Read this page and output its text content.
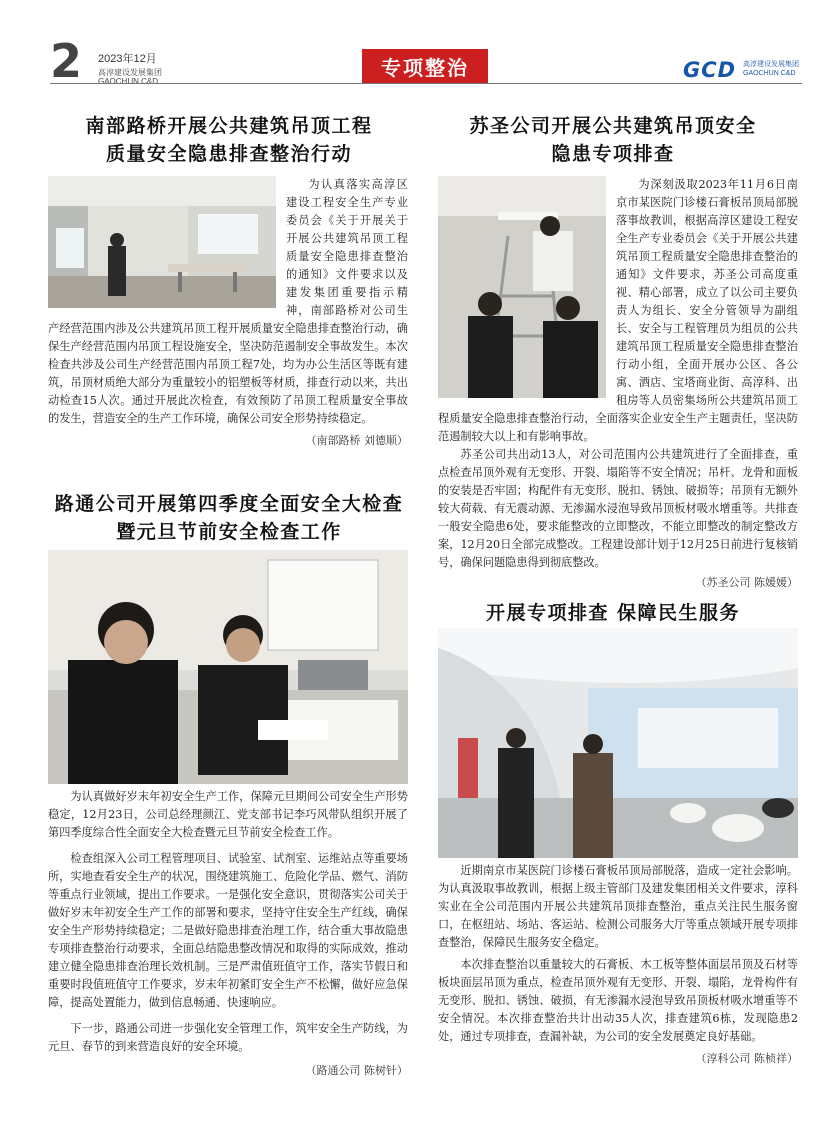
2 2023年12月
高淳建设发展集团
GAOCHUN C&D
专项整治	GCD 高淳建设发展集团
GAOCHUN C&D
南部路桥开展公共建筑吊顶工程
质量安全隐患排查整治行动

为认真落实高淳区建设工程安全生产专业委员会《关于开展关于开展公共建筑吊顶工程质量安全隐患排查整治的通知》文件要求以及建发集团重要指示精神，南部路桥对公司生产经营范围内涉及公共建筑吊顶工程开展质量安全隐患排查整治行动，确保生产经营范围内吊顶工程设施安全，坚决防范遏制安全事故发生。本次检查共涉及公司生产经营范围内吊顶工程7处，均为办公生活区等既有建筑，吊顶材质绝大部分为重量较小的铝塑板等材质，排查行动以来，共出动检查15人次。通过开展此次检查，有效预防了吊顶工程质量安全事故的发生，营造安全的生产工作环境，确保公司安全形势持续稳定。

（南部路桥 刘德顺）
路通公司开展第四季度全面安全大检查
暨元旦节前安全检查工作

为认真做好岁末年初安全生产工作，保障元旦期间公司安全生产形势稳定，12月23日，公司总经理颜江、党支部书记李巧风带队组织开展了第四季度综合性全面安全大检查暨元旦节前安全检查工作。

检查组深入公司工程管理项目、试验室、试剂室、运维站点等重要场所，实地查看安全生产的状况，围绕建筑施工、危险化学品、燃气、消防等重点行业领域，提出工作要求。一是强化安全意识，贯彻落实公司关于做好岁末年初安全生产工作的部署和要求，坚持守住安全生产红线，确保安全生产形势持续稳定；二是做好隐患排查治理工作，结合重大事故隐患专项排查整治行动要求，全面总结隐患整改情况和取得的实际成效，推动建立健全隐患排查治理长效机制。三是严肃值班值守工作，落实节假日和重要时段值班值守工作要求，岁末年初紧盯安全生产不松懈，做好应急保障，提高处置能力，做到信息畅通、快速响应。

下一步，路通公司进一步强化安全管理工作，筑牢安全生产防线，为元旦、春节的到来营造良好的安全环境。

（路通公司 陈树针）
苏圣公司开展公共建筑吊顶安全
隐患专项排查

为深刻汲取2023年11月6日南京市某医院门诊楼石膏板吊顶局部脱落事故教训，根据高淳区建设工程安全生产专业委员会《关于开展公共建筑吊顶工程质量安全隐患排查整治的通知》文件要求，苏圣公司高度重视、精心部署，成立了以公司主要负责人为组长、安全分管领导为副组长、安全与工程管理员为组员的公共建筑吊顶工程质量安全隐患排查整治行动小组，全面开展办公区、各公寓、酒店、宝塔商业街、高淳科、出租房等人员密集场所公共建筑吊顶工程质量安全隐患排查整治行动，全面落实企业安全生产主题责任，坚决防范遏制较大以上和有影响事故。

苏圣公司共出动13人，对公司范围内公共建筑进行了全面排查，重点检查吊顶外观有无变形、开裂、塌陷等不安全情况；吊杆、龙骨和面板的安装是否牢固；构配件有无变形、脱扣、锈蚀、破损等；吊顶有无额外较大荷载、有无震动源、无渗漏水浸泡导致吊顶板材吸水增重等。共排查一般安全隐患6处，要求能整改的立即整改，不能立即整改的制定整改方案，12月20日全部完成整改。工程建设部计划于12月25日前进行复核销号，确保问题隐患得到彻底整改。

（苏圣公司 陈媛媛）
开展专项排查 保障民生服务

近期南京市某医院门诊楼石膏板吊顶局部脱落，造成一定社会影响。为认真汲取事故教训，根据上级主管部门及建发集团相关文件要求，淳科实业在全公司范围内开展公共建筑吊顶排查整治，重点关注民生服务窗口，在枢纽站、场站、客运站、检测公司服务大厅等重点领域开展专项排查整治，保障民生服务安全稳定。

本次排查整治以重量较大的石膏板、木工板等整体面层吊顶及石材等板块面层吊顶为重点，检查吊顶外观有无变形、开裂、塌陷，龙骨构件有无变形、脱扣、锈蚀、破损，有无渗漏水浸泡导致吊顶板材吸水增重等不安全情况。本次排查整治共计出动35人次，排查建筑6栋，发现隐患2处，通过专项排查，查漏补缺，为公司的安全发展奠定良好基础。

（淳科公司 陈桢祥）
